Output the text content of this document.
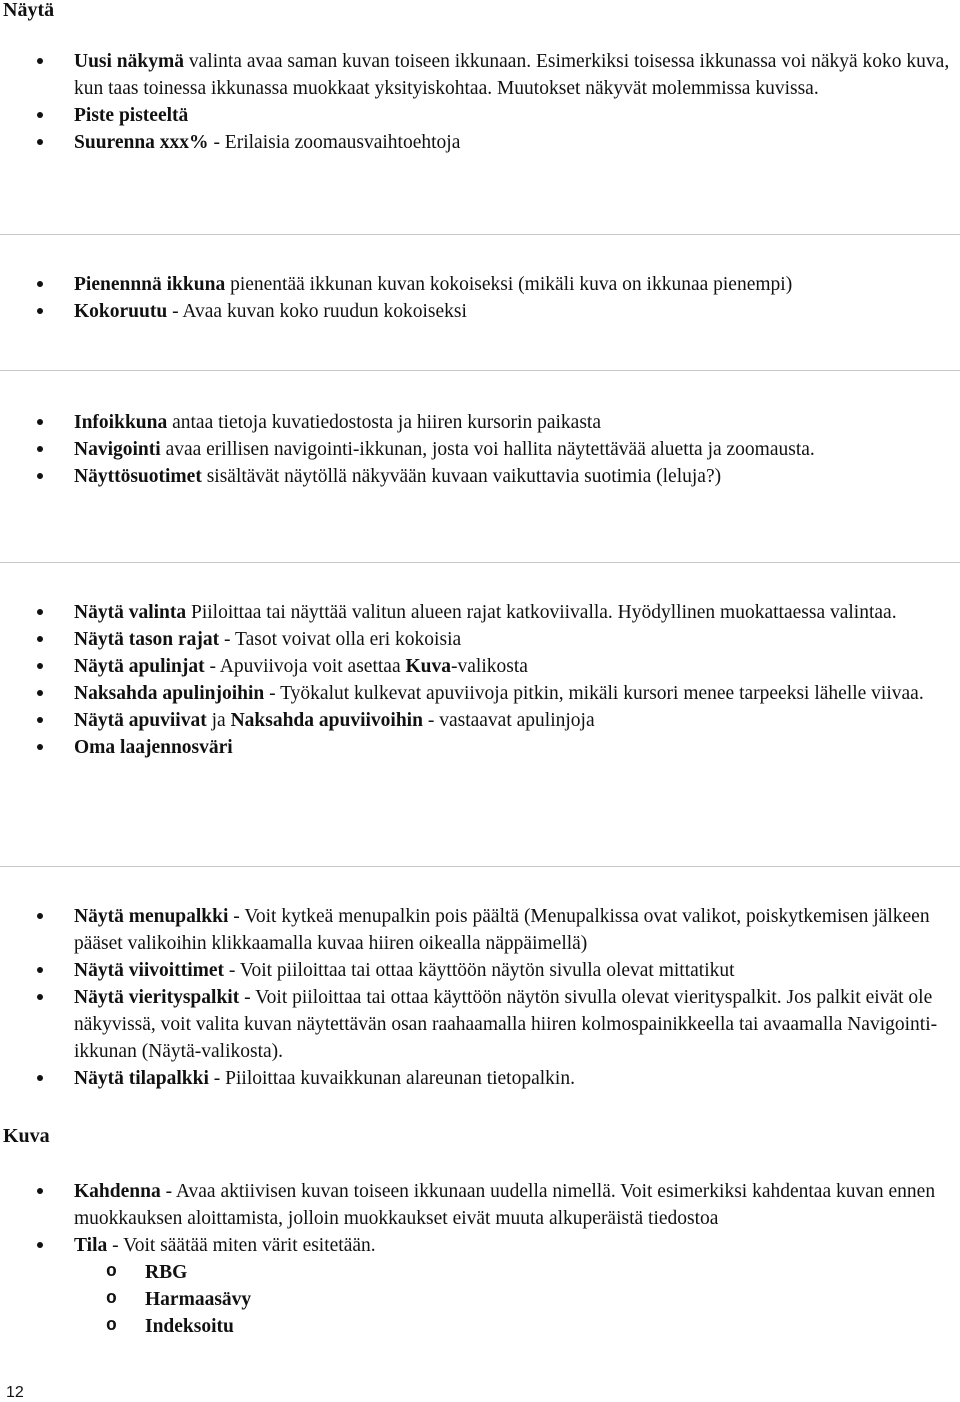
Näytä
Uusi näkymä valinta avaa saman kuvan toiseen ikkunaan. Esimerkiksi toisessa ikkunassa voi näkyä koko kuva, kun taas toinessa ikkunassa muokkaat yksityiskohtaa. Muutokset näkyvät molemmissa kuvissa.
Piste pisteeltä
Suurenna xxx% - Erilaisia zoomausvaihtoehtoja
Pienennnä ikkuna pienentää ikkunan kuvan kokoiseksi (mikäli kuva on ikkunaa pienempi)
Kokoruutu - Avaa kuvan koko ruudun kokoiseksi
Infoikkuna antaa tietoja kuvatiedostosta ja hiiren kursorin paikasta
Navigointi avaa erillisen navigointi-ikkunan, josta voi hallita näytettävää aluetta ja zoomausta.
Näyttösuotimet sisältävät näytöllä näkyvään kuvaan vaikuttavia suotimia (leluja?)
Näytä valinta Piiloittaa tai näyttää valitun alueen rajat katkoviivalla. Hyödyllinen muokattaessa valintaa.
Näytä tason rajat - Tasot voivat olla eri kokoisia
Näytä apulinjat - Apuviivoja voit asettaa Kuva-valikosta
Naksahda apulinjoihin - Työkalut kulkevat apuviivoja pitkin, mikäli kursori menee tarpeeksi lähelle viivaa.
Näytä apuviivat ja Naksahda apuviivoihin - vastaavat apulinjoja
Oma laajennosväri
Näytä menupalkki - Voit kytkeä menupalkin pois päältä (Menupalkissa ovat valikot, poiskytkemisen jälkeen pääset valikoihin klikkaamalla kuvaa hiiren oikealla näppäimellä)
Näytä viivoittimet - Voit piiloittaa tai ottaa käyttöön näytön sivulla olevat mittatikut
Näytä vierityspalkit - Voit piiloittaa tai ottaa käyttöön näytön sivulla olevat vierityspalkit. Jos palkit eivät ole näkyvissä, voit valita kuvan näytettävän osan raahaamalla hiiren kolmospainikkeella tai avaamalla Navigointi-ikkunan (Näytä-valikosta).
Näytä tilapalkki - Piiloittaa kuvaikkunan alareunan tietopalkin.
Kuva
Kahdenna - Avaa aktiivisen kuvan toiseen ikkunaan uudella nimellä. Voit esimerkiksi kahdentaa kuvan ennen muokkauksen aloittamista, jolloin muokkaukset eivät muuta alkuperäistä tiedostoa
Tila - Voit säätää miten värit esitetään.
o RBG
o Harmaasävy
o Indeksoitu
12
